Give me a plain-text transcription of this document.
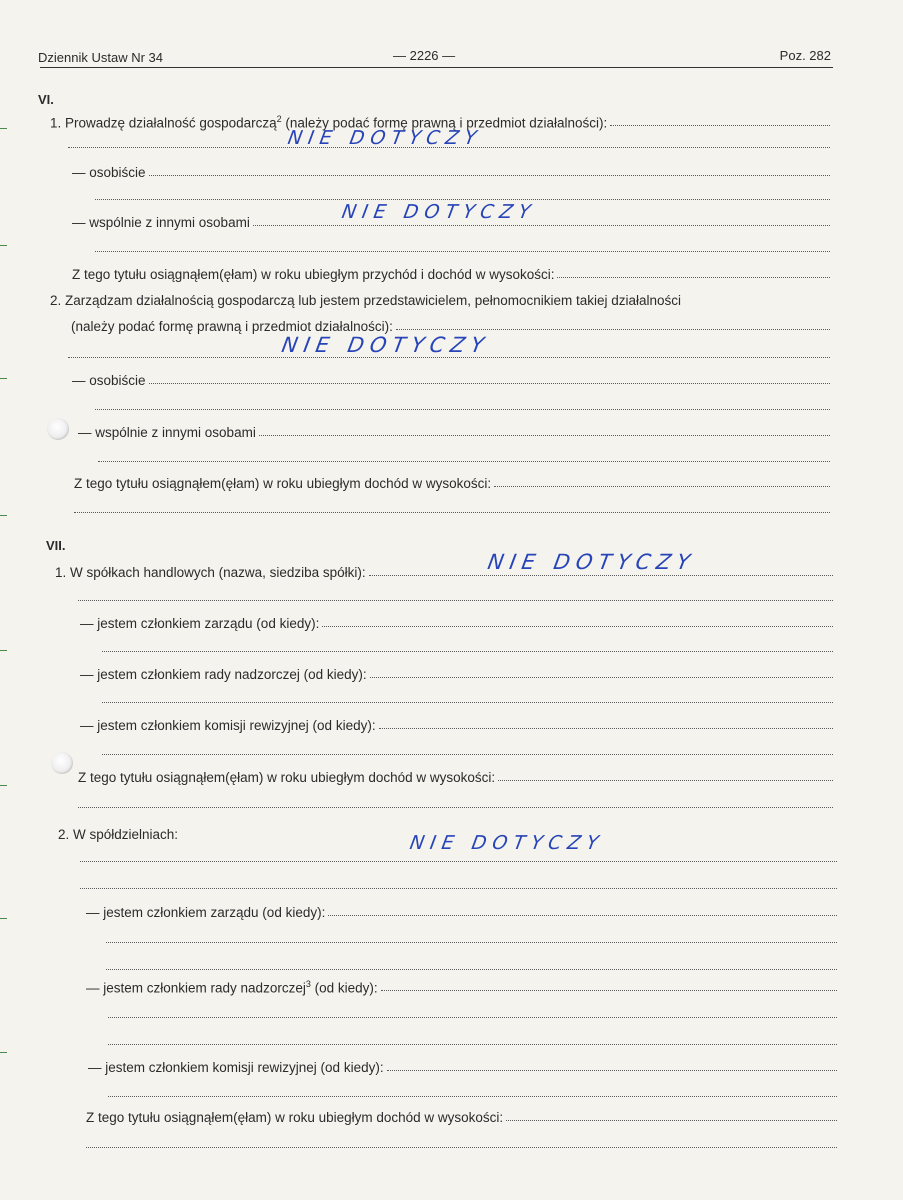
Dziennik Ustaw Nr 34	— 2226 —	Poz. 282
VI.
1. Prowadzę działalność gospodarczą$^2$ (należy podać formę prawną i przedmiot działalności):
NIE DOTYCZY
— osobiście
— wspólnie z innymi osobami	NIE DOTYCZY
Z tego tytułu osiągnąłem(ęłam) w roku ubiegłym przychód i dochód w wysokości:
2. Zarządzam działalnością gospodarczą lub jestem przedstawicielem, pełnomocnikiem takiej działalności
(należy podać formę prawną i przedmiot działalności):
NIE DOTYCZY
— osobiście
— wspólnie z innymi osobami
Z tego tytułu osiągnąłem(ęłam) w roku ubiegłym dochód w wysokości:
VII.
1. W spółkach handlowych (nazwa, siedziba spółki):	NIE DOTYCZY
— jestem członkiem zarządu (od kiedy):
— jestem członkiem rady nadzorczej (od kiedy):
— jestem członkiem komisji rewizyjnej (od kiedy):
Z tego tytułu osiągnąłem(ęłam) w roku ubiegłym dochód w wysokości:
2. W spółdzielniach:	NIE DOTYCZY
— jestem członkiem zarządu (od kiedy):
— jestem członkiem rady nadzorczej$^3$ (od kiedy):
— jestem członkiem komisji rewizyjnej (od kiedy):
Z tego tytułu osiągnąłem(ęłam) w roku ubiegłym dochód w wysokości:
